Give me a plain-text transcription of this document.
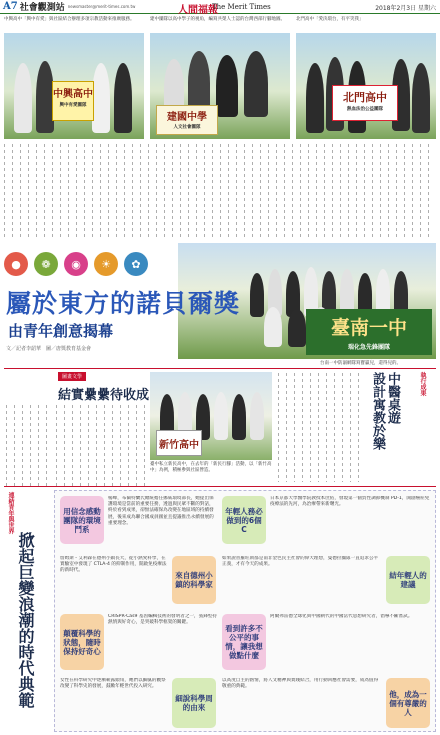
A7 社會觀測站 newsmaster@merit-times.com.tw	人間福報
The Merit Times	2018年2月3日 星期六
中興高中「興中有愛」與社區結合辦理多項宗教活動來推廣服務。	建中團隊以高中學子的視角，編寫共榮人士認的台灣西部行腳地圖。	北門高中「愛決環台，有平笑我」
中興高中
興中有愛團隊
建國中學
人文社會團隊
北門高中
熱血法治公益團隊
臺南一中
瑞化急先鋒團隊
●	❁	◉	☀	✿
屬於東方的諾貝爾獎
由青年創意揭幕
文／記者李韶華　圖／唐獎教育基金會
台南一中防溺網隊寫寶贏兒，還得兒的。
圖畫文學
結實纍纍待收成
新竹高中
臺中私立新民高中，在去年的「新民行腳」活動，以「新竹高中」為例，積極參與社區營造。
中醫桌遊
設計寓教於樂	執行成果
連結青年與世界
掀起巨變浪潮的時代典範
用信念感動團隊的環境鬥系
楊峰，布倫特蘭氏總統擔任挪威環境部長，她提出保護環境是當前的重要任務，透過與民眾不斷的對話，終於看到成果，卻無法確保為改變在地區域的持續發展，後來成為聯合國成員國並且提議推出永續發展的重要理念。
年輕人務必做到的6個C
日本京都大學醫學院教授本庶佑，發現第一個負性調節機制 PD-1，開創癌症免疫療法的先河，為治療帶來新曙光。
詹姆斯・艾利森在德州小鎮長大，從小熱愛科學，在實驗室中發現了 CTLA-4 的抑制作用，開啟免疫療法的新時代。
來自德州小鎮的科學家
如果說普羅旺斯都是南非金色民主社會的偉大理想，曼德拉團隊一直追求公平正義，才有今天的成果。
結年輕人的建議
顛覆科學的狀態，隨時保持好奇心
CRISPR-Cas9 基因編輯技術的發明者之一，張鋒堅持熱情與好奇心，是突破科學框架的關鍵。
看到許多不公平的事情，讓我想做點什麼
阿爾弗雷德全球化與中國朝代的中國當代思想研究者，倡導不斷嘗試。
女性在科學研究中逐漸嶄露頭角，她們以細膩的觀察改變了科學史的發展，鼓勵年輕世代投入研究。
細說科學周的由來
以高度自主的熱情，將人文精神與實踐結合，用行動回應社會需要，成為值得敬重的典範。
他，成為一個有尊嚴的人
